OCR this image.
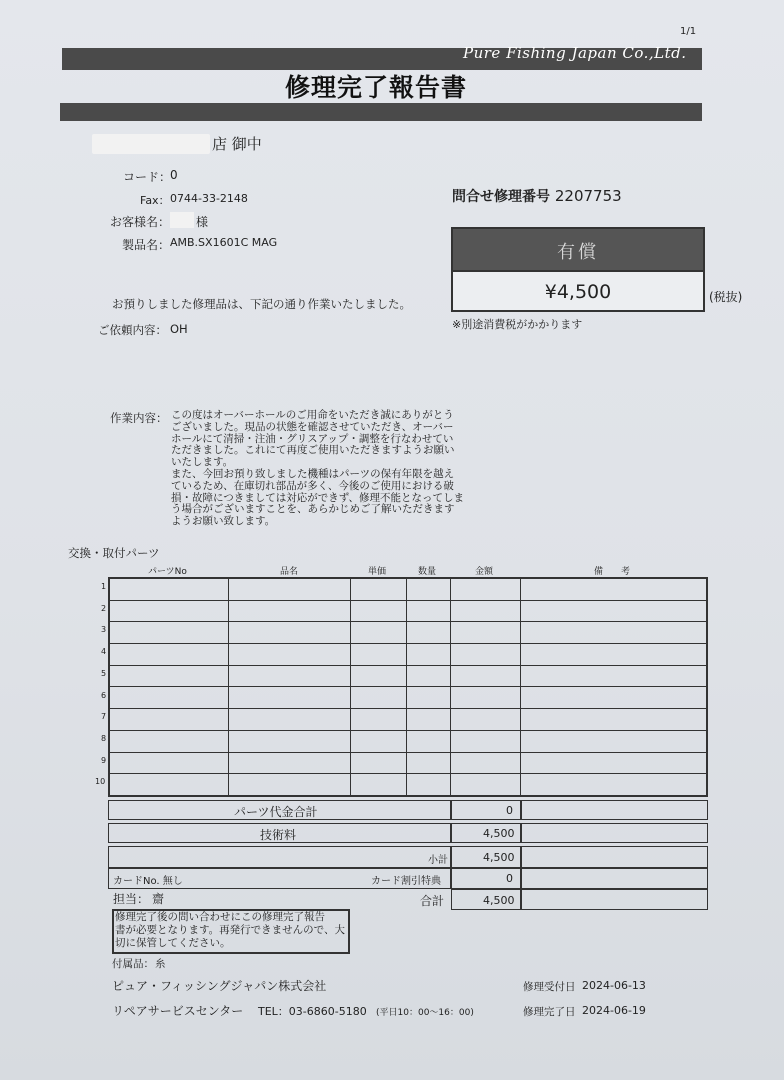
1/1
Pure Fishing Japan Co.,Ltd.
修理完了報告書
店 御中
コード：
0
Fax： 0744-33-2148
お客様名： 様
製品名： AMB.SX1601C MAG
問合せ修理番号 2207753
有償
¥4,500	(税抜)
※別途消費税がかかります
お預りしました修理品は、下記の通り作業いたしました。
ご依頼内容： OH
作業内容： この度はオーバーホールのご用命をいただき誠にありがとう
ございました。現品の状態を確認させていただき、オーバー
ホールにて清掃・注油・グリスアップ・調整を行なわせてい
ただきました。これにて再度ご使用いただきますようお願い
いたします。
また、今回お預り致しました機種はパーツの保有年限を越え
ているため、在庫切れ部品が多く、今後のご使用における破
損・故障につきましては対応ができず、修理不能となってしま
う場合がございますことを、あらかじめご了解いただきます
ようお願い致します。
交換・取付パーツ
パーツNo	品名	単価	数量	金額	備　　考

1
2
3
4
5
6
7
8
9
10
パーツ代金合計	0
技術料	4,500
小計	4,500
カードNo. 無し	カード割引特典	0
担当： 齋	合計	4,500
修理完了後の問い合わせにこの修理完了報告
書が必要となります。再発行できませんので、大
切に保管してください。
付属品： 糸
ピュア・フィッシングジャパン株式会社
リペアサービスセンター TEL：03-6860-5180 (平日10：00～16：00)
修理受付日 2024-06-13
修理完了日 2024-06-19
